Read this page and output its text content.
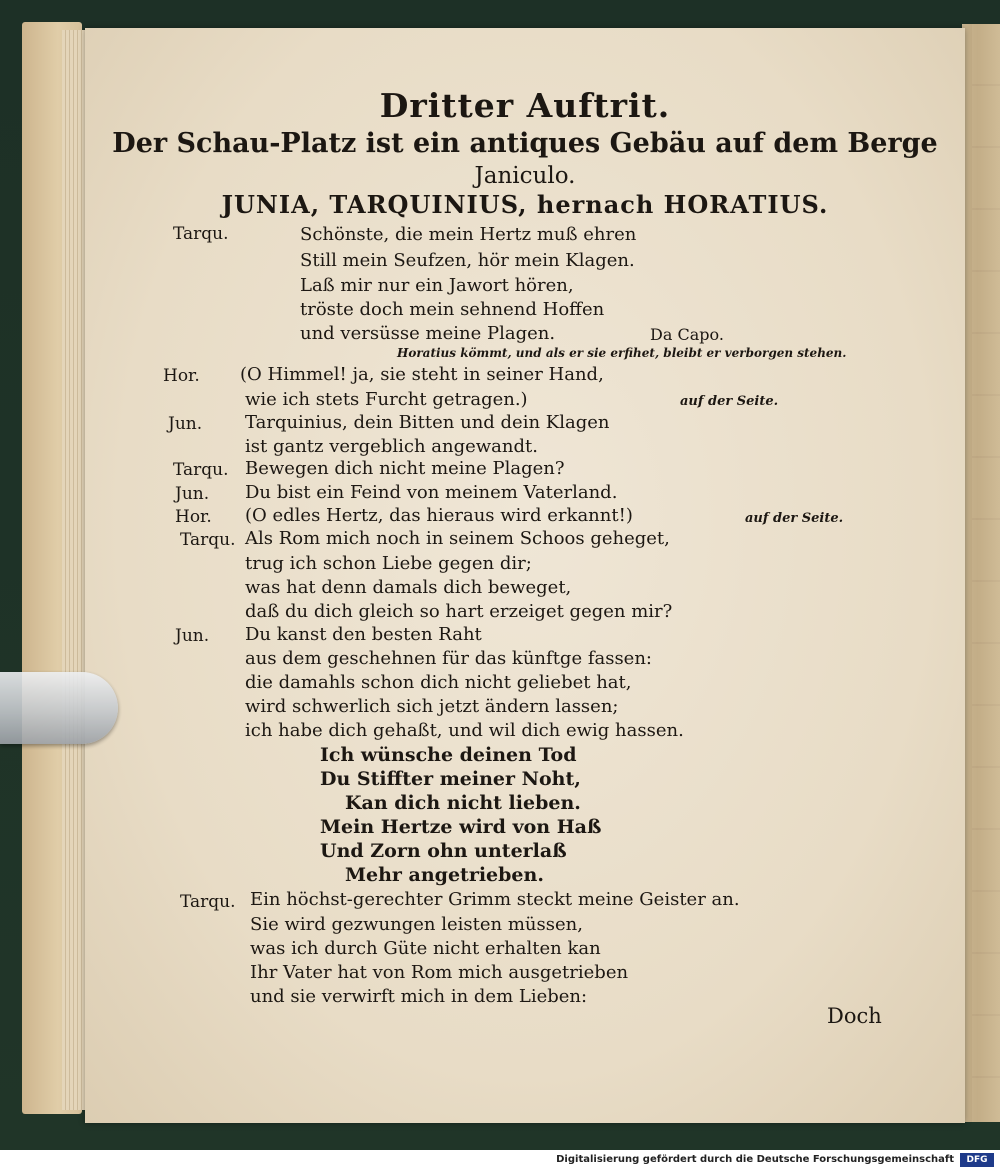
Dritter Auftrit.
Der Schau-Platz ist ein antiques Gebäu auf dem Berge
Janiculo.
JUNIA, TARQUINIUS, hernach HORATIUS.
Tarqu.	Schönste, die mein Hertz muß ehren
Still mein Seufzen, hör mein Klagen.
Laß mir nur ein Jawort hören,
tröste doch mein sehnend Hoffen
und versüsse meine Plagen.	Da Capo.
Horatius kömmt, und als er sie erfihet, bleibt er verborgen stehen.
Hor. (O Himmel! ja, sie steht in seiner Hand,
wie ich stets Furcht getragen.)	auf der Seite.
Jun. Tarquinius, dein Bitten und dein Klagen
ist gantz vergeblich angewandt.
Tarqu. Bewegen dich nicht meine Plagen?
Jun. Du bist ein Feind von meinem Vaterland.
Hor. (O edles Hertz, das hieraus wird erkannt!)	auf der Seite.
Tarqu. Als Rom mich noch in seinem Schoos geheget,
trug ich schon Liebe gegen dir;
was hat denn damals dich beweget,
daß du dich gleich so hart erzeiget gegen mir?
Jun. Du kanst den besten Raht
aus dem geschehnen für das künftge fassen:
die damahls schon dich nicht geliebet hat,
wird schwerlich sich jetzt ändern lassen;
ich habe dich gehaßt, und wil dich ewig hassen.
Ich wünsche deinen Tod
Du Stiffter meiner Noht,
Kan dich nicht lieben.
Mein Hertze wird von Haß
Und Zorn ohn unterlaß
Mehr angetrieben.
Tarqu. Ein höchst-gerechter Grimm steckt meine Geister an.
Sie wird gezwungen leisten müssen,
was ich durch Güte nicht erhalten kan
Ihr Vater hat von Rom mich ausgetrieben
und sie verwirft mich in dem Lieben:
Doch
Digitalisierung gefördert durch die Deutsche Forschungsgemeinschaft	DFG
